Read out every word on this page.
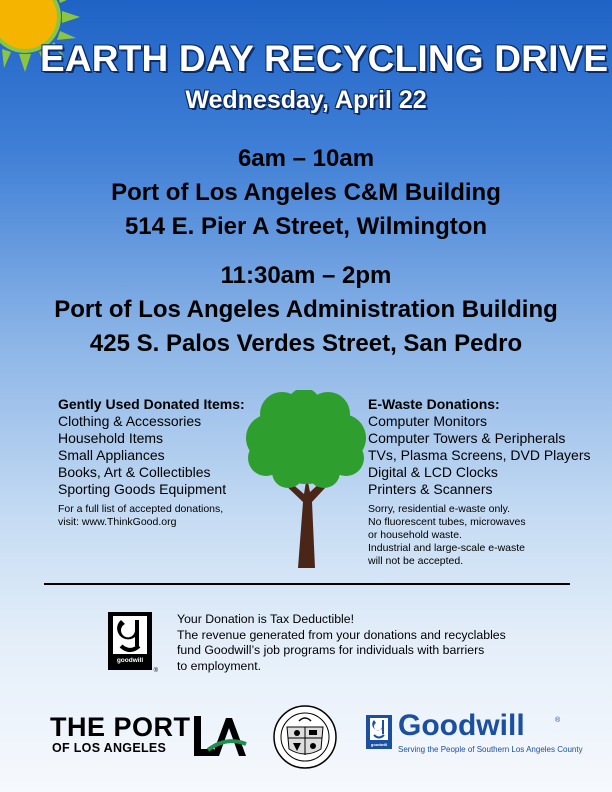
EARTH DAY RECYCLING DRIVE
Wednesday, April 22
6am – 10am
Port of Los Angeles C&M Building
514 E. Pier A Street, Wilmington
11:30am – 2pm
Port of Los Angeles Administration Building
425 S. Palos Verdes Street, San Pedro
Gently Used Donated Items:
Clothing & Accessories
Household Items
Small Appliances
Books, Art & Collectibles
Sporting Goods Equipment
For a full list of accepted donations,
visit: www.ThinkGood.org
E-Waste Donations:
Computer Monitors
Computer Towers & Peripherals
TVs, Plasma Screens, DVD Players
Digital & LCD Clocks
Printers & Scanners
Sorry, residential e-waste only.
No fluorescent tubes, microwaves
or household waste.
Industrial and large-scale e-waste
will not be accepted.
goodwill
®
Your Donation is Tax Deductible!
The revenue generated from your donations and recyclables
fund Goodwill’s job programs for individuals with barriers
to employment.
THE PORT
OF LOS ANGELES	goodwill
Goodwill	®
Serving the People of Southern Los Angeles County
